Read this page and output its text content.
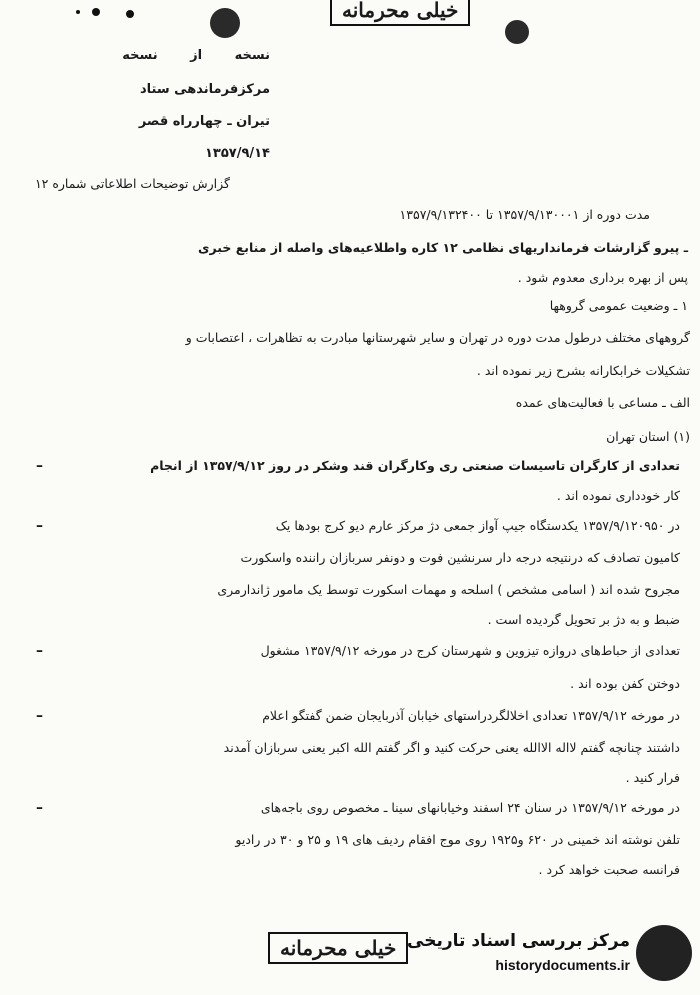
خیلی محرمانه
نسخه از نسخه
مرکزفرماندهی ستاد
تیران ـ چهارراه قصر
۱۳۵۷/۹/۱۴
گزارش توضیحات اطلاعاتی شماره ۱۲
مدت دوره از ۱۳۵۷/۹/۱۳۰۰۰۱ تا ۱۳۵۷/۹/۱۳۲۴۰۰
ـ پیرو گزارشات فرمانداریهای نظامی ۱۲ کاره واطلاعیه‌های واصله از منابع خبری
پس از بهره برداری معدوم شود .
۱ ـ وضعیت عمومی گروهها
گروههای مختلف درطول مدت دوره در تهران و سایر شهرستانها مبادرت به تظاهرات ، اعتصابات و
تشکیلات خرابکارانه بشرح زیر نموده اند .
الف ـ مساعی با فعالیت‌های عمده
(۱) استان تهران
–	تعدادی از کارگران تاسیسات صنعتی ری وکارگران قند وشکر در روز ۱۳۵۷/۹/۱۲ از انجام
کار خودداری نموده اند .
–	در ۱۳۵۷/۹/۱۲۰۹۵۰ یکدستگاه جیپ آواز جمعی دژ مرکز عارم دیو کرج بودها یک
کامیون تصادف که درنتیجه درجه دار سرنشین فوت و دونفر سربازان راننده واسکورت
مجروح شده اند ( اسامی مشخص ) اسلحه و مهمات اسکورت توسط یک مامور ژاندارمری
ضبط و به دژ بر تحویل گردیده است .
–	تعدادی از حباط‌های دروازه تیزوین و شهرستان کرج در مورخه ۱۳۵۷/۹/۱۲ مشغول
دوختن کفن بوده اند .
–	در مورخه ۱۳۵۷/۹/۱۲ تعدادی اخلالگردراستهای خیابان آذربایجان ضمن گفتگو اعلام
داشتند چنانچه گفتم لااله الاالله یعنی حرکت کنید و اگر گفتم الله اکبر یعنی سربازان آمدند
فرار کنید .
–	در مورخه ۱۳۵۷/۹/۱۲ در سنان ۲۴ اسفند وخیابانهای سینا ـ مخصوص روی باجه‌های
تلفن نوشته اند خمینی در ۶۲۰ و۱۹۲۵ روی موج افقام ردیف های ۱۹ و ۲۵ و ۳۰ در رادیو
فرانسه صحبت خواهد کرد .
خیلی محرمانه مرکز بررسی اسناد تاریخی
historydocuments.ir
